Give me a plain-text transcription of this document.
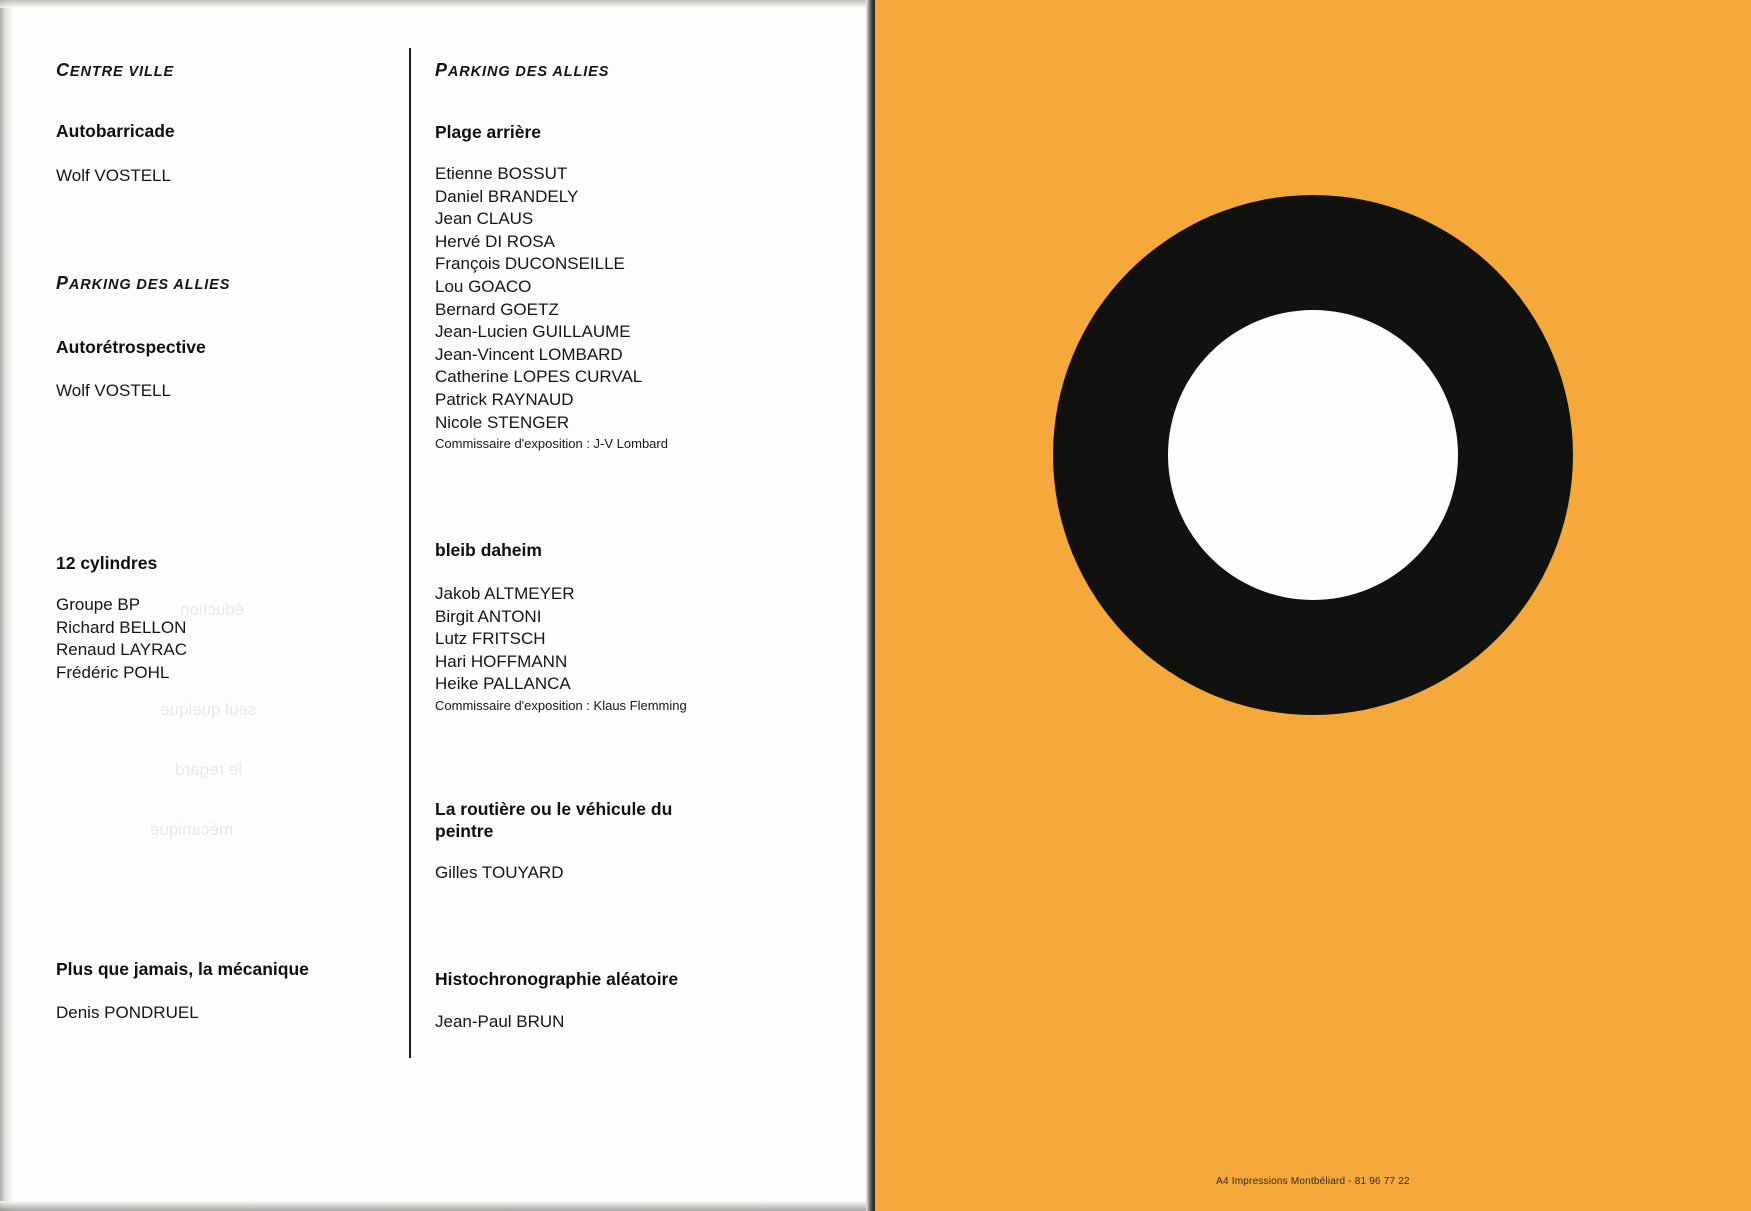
éduction
seul quelque
le regard
mécanique
CENTRE VILLE
Autobarricade
Wolf VOSTELL
PARKING DES ALLIES
Autorétrospective
Wolf VOSTELL
12 cylindres
Groupe BP
Richard BELLON
Renaud LAYRAC
Frédéric POHL
Plus que jamais, la mécanique
Denis PONDRUEL
PARKING DES ALLIES
Plage arrière
Etienne BOSSUT
Daniel BRANDELY
Jean CLAUS
Hervé DI ROSA
François DUCONSEILLE
Lou GOACO
Bernard GOETZ
Jean-Lucien GUILLAUME
Jean-Vincent LOMBARD
Catherine LOPES CURVAL
Patrick RAYNAUD
Nicole STENGER
Commissaire d'exposition : J-V Lombard
bleib daheim
Jakob ALTMEYER
Birgit ANTONI
Lutz FRITSCH
Hari HOFFMANN
Heike PALLANCA
Commissaire d'exposition : Klaus Flemming
La routière ou le véhicule du peintre
Gilles TOUYARD
Histochronographie aléatoire
Jean-Paul BRUN
A4 Impressions Montbéliard - 81 96 77 22
